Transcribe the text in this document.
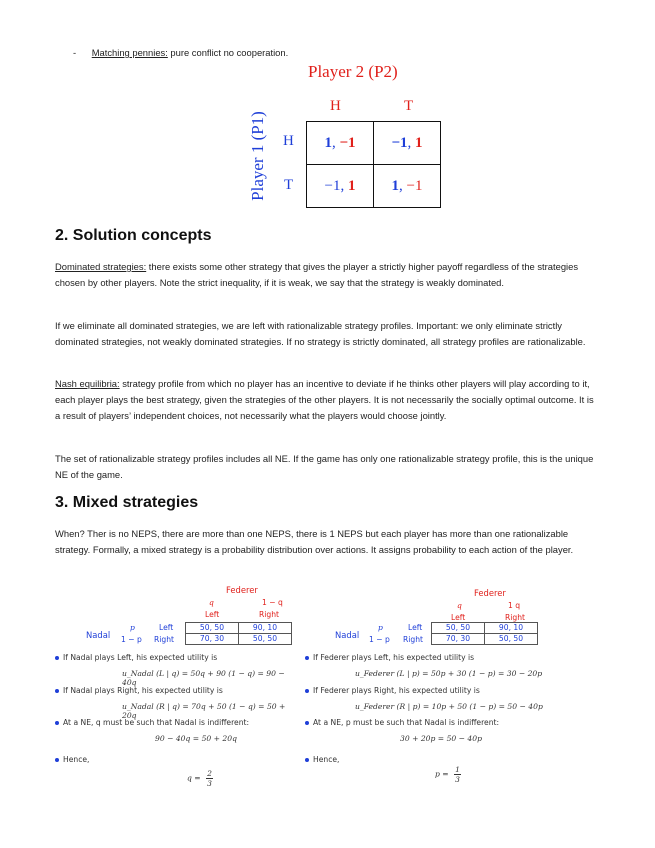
- Matching pennies: pure conflict no cooperation.
Player 2 (P2)
H	T
Player 1 (P1) H
T
1, −1	−1, 1
−1, 1	1, −1
2. Solution concepts
Dominated strategies: there exists some other strategy that gives the player a strictly higher payoff regardless of the strategies chosen by other players. Note the strict inequality, if it is weak, we say that the strategy is weakly dominated.
If we eliminate all dominated strategies, we are left with rationalizable strategy profiles. Important: we only eliminate strictly dominated strategies, not weakly dominated strategies. If no strategy is strictly dominated, all strategy profiles are rationalizable.
Nash equilibria: strategy profile from which no player has an incentive to deviate if he thinks other players will play according to it, each player plays the best strategy, given the strategies of the other players. It is not necessarily the socially optimal outcome. It is a result of players’ independent choices, not necessarily what the players would choose jointly.
The set of rationalizable strategy profiles includes all NE. If the game has only one rationalizable strategy profile, this is the unique NE of the game.
3. Mixed strategies
When? Ther is no NEPS, there are more than one NEPS, there is 1 NEPS but each player has more than one rationalizable strategy. Formally, a mixed strategy is a probability distribution over actions. It assigns probability to each action of the player.
Federer
q	1 − q
Left	Right
Nadal
p
1 − p
Left
Right
50, 50	90, 10
70, 30	50, 50
If Nadal plays Left, his expected utility is
u_Nadal (L | q) = 50q + 90 (1 − q) = 90 − 40q
If Nadal plays Right, his expected utility is
u_Nadal (R | q) = 70q + 50 (1 − q) = 50 + 20q
At a NE, q must be such that Nadal is indifferent:
90 − 40q = 50 + 20q
Hence,
$q = \frac{2}{3}$
Federer
q	1 q
Left	Right
Nadal
p
1 − p
Left
Right
50, 50	90, 10
70, 30	50, 50
If Federer plays Left, his expected utility is
u_Federer (L | p) = 50p + 30 (1 − p) = 30 − 20p
If Federer plays Right, his expected utility is
u_Federer (R | p) = 10p + 50 (1 − p) = 50 − 40p
At a NE, p must be such that Nadal is indifferent:
30 + 20p = 50 − 40p
Hence,
$p = \frac{1}{3}$
